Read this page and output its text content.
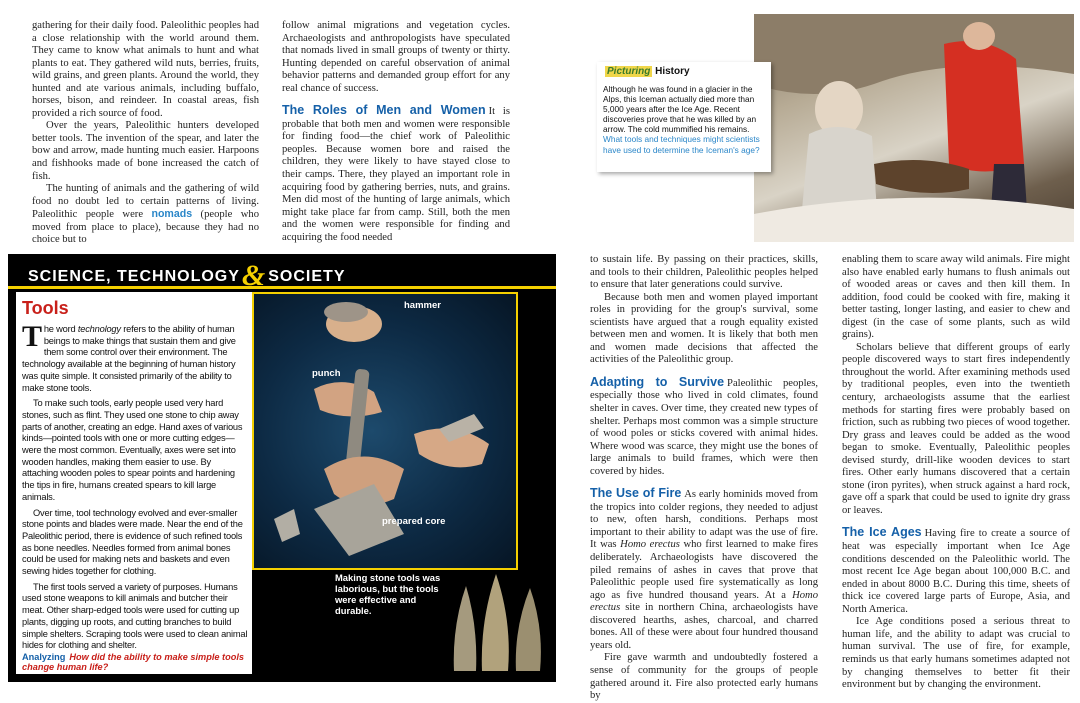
gathering for their daily food. Paleolithic peoples had a close relationship with the world around them. They came to know what animals to hunt and what plants to eat. They gathered wild nuts, berries, fruits, wild grains, and green plants. Around the world, they hunted and ate various animals, including buffalo, horses, bison, and reindeer. In coastal areas, fish provided a rich source of food.

Over the years, Paleolithic hunters developed better tools. The invention of the spear, and later the bow and arrow, made hunting much easier. Harpoons and fishhooks made of bone increased the catch of fish.

The hunting of animals and the gathering of wild food no doubt led to certain patterns of living. Paleolithic people were nomads (people who moved from place to place), because they had no choice but to

follow animal migrations and vegetation cycles. Archaeologists and anthropologists have speculated that nomads lived in small groups of twenty or thirty. Hunting depended on careful observation of animal behavior patterns and demanded group effort for any real chance of success.

The Roles of Men and Women It is probable that both men and women were responsible for finding food—the chief work of Paleolithic peoples. Because women bore and raised the children, they were likely to have stayed close to their camps. There, they played an important role in acquiring food by gathering berries, nuts, and grains. Men did most of the hunting of large animals, which might take place far from camp. Still, both the men and the women were responsible for finding and acquiring the food needed

SCIENCE, TECHNOLOGY& SOCIETY
Tools

The word technology refers to the ability of human beings to make things that sustain them and give them some control over their environment. The technology available at the beginning of human history was quite simple. It consisted primarily of the ability to make stone tools.

To make such tools, early people used very hard stones, such as flint. They used one stone to chip away parts of another, creating an edge. Hand axes of various kinds—pointed tools with one or more cutting edges—were the most common. Eventually, axes were set into wooden handles, making them easier to use. By attaching wooden poles to spear points and hardening the tips in fire, humans created spears to kill large animals.

Over time, tool technology evolved and ever-smaller stone points and blades were made. Near the end of the Paleolithic period, there is evidence of such refined tools as bone needles. Needles formed from animal bones could be used for making nets and baskets and even sewing hides together for clothing.

The first tools served a variety of purposes. Humans used stone weapons to kill animals and butcher their meat. Other sharp-edged tools were used for cutting up plants, digging up roots, and cutting branches to build simple shelters. Scraping tools were used to clean animal hides for clothing and shelter.

Analyzing How did the ability to make simple tools change human life?
hammer
punch
prepared core
Making stone tools was laborious, but the tools were effective and durable.
Picturing History
Although he was found in a glacier in the Alps, this Iceman actually died more than 5,000 years after the Ice Age. Recent discoveries prove that he was killed by an arrow. The cold mummified his remains. What tools and techniques might scientists have used to determine the Iceman's age?

to sustain life. By passing on their practices, skills, and tools to their children, Paleolithic peoples helped to ensure that later generations could survive.

Because both men and women played important roles in providing for the group's survival, some scientists have argued that a rough equality existed between men and women. It is likely that both men and women made decisions that affected the activities of the Paleolithic group.

Adapting to Survive Paleolithic peoples, especially those who lived in cold climates, found shelter in caves. Over time, they created new types of shelter. Perhaps most common was a simple structure of wood poles or sticks covered with animal hides. Where wood was scarce, they might use the bones of large animals to build frames, which were then covered by hides.

The Use of Fire As early hominids moved from the tropics into colder regions, they needed to adjust to new, often harsh, conditions. Perhaps most important to their ability to adapt was the use of fire. It was Homo erectus who first learned to make fires deliberately. Archaeologists have discovered the piled remains of ashes in caves that prove that Paleolithic people used fire systematically as long ago as five hundred thousand years. At a Homo erectus site in northern China, archaeologists have discovered hearths, ashes, charcoal, and charred bones. All of these were about four hundred thousand years old.

Fire gave warmth and undoubtedly fostered a sense of community for the groups of people gathered around it. Fire also protected early humans by

enabling them to scare away wild animals. Fire might also have enabled early humans to flush animals out of wooded areas or caves and then kill them. In addition, food could be cooked with fire, making it better tasting, longer lasting, and easier to chew and digest (in the case of some plants, such as wild grains).

Scholars believe that different groups of early people discovered ways to start fires independently throughout the world. After examining methods used by traditional peoples, even into the twentieth century, archaeologists assume that the earliest methods for starting fires were probably based on friction, such as rubbing two pieces of wood together. Dry grass and leaves could be added as the wood began to smoke. Eventually, Paleolithic peoples devised sturdy, drill-like wooden devices to start fires. Other early humans discovered that a certain stone (iron pyrites), when struck against a hard rock, gave off a spark that could be used to ignite dry grass or leaves.

The Ice Ages Having fire to create a source of heat was especially important when Ice Age conditions descended on the Paleolithic world. The most recent Ice Age began about 100,000 B.C. and ended in about 8000 B.C. During this time, sheets of thick ice covered large parts of Europe, Asia, and North America.

Ice Age conditions posed a serious threat to human life, and the ability to adapt was crucial to human survival. The use of fire, for example, reminds us that early humans sometimes adapted not by changing themselves to better fit their environment but by changing the environment.
